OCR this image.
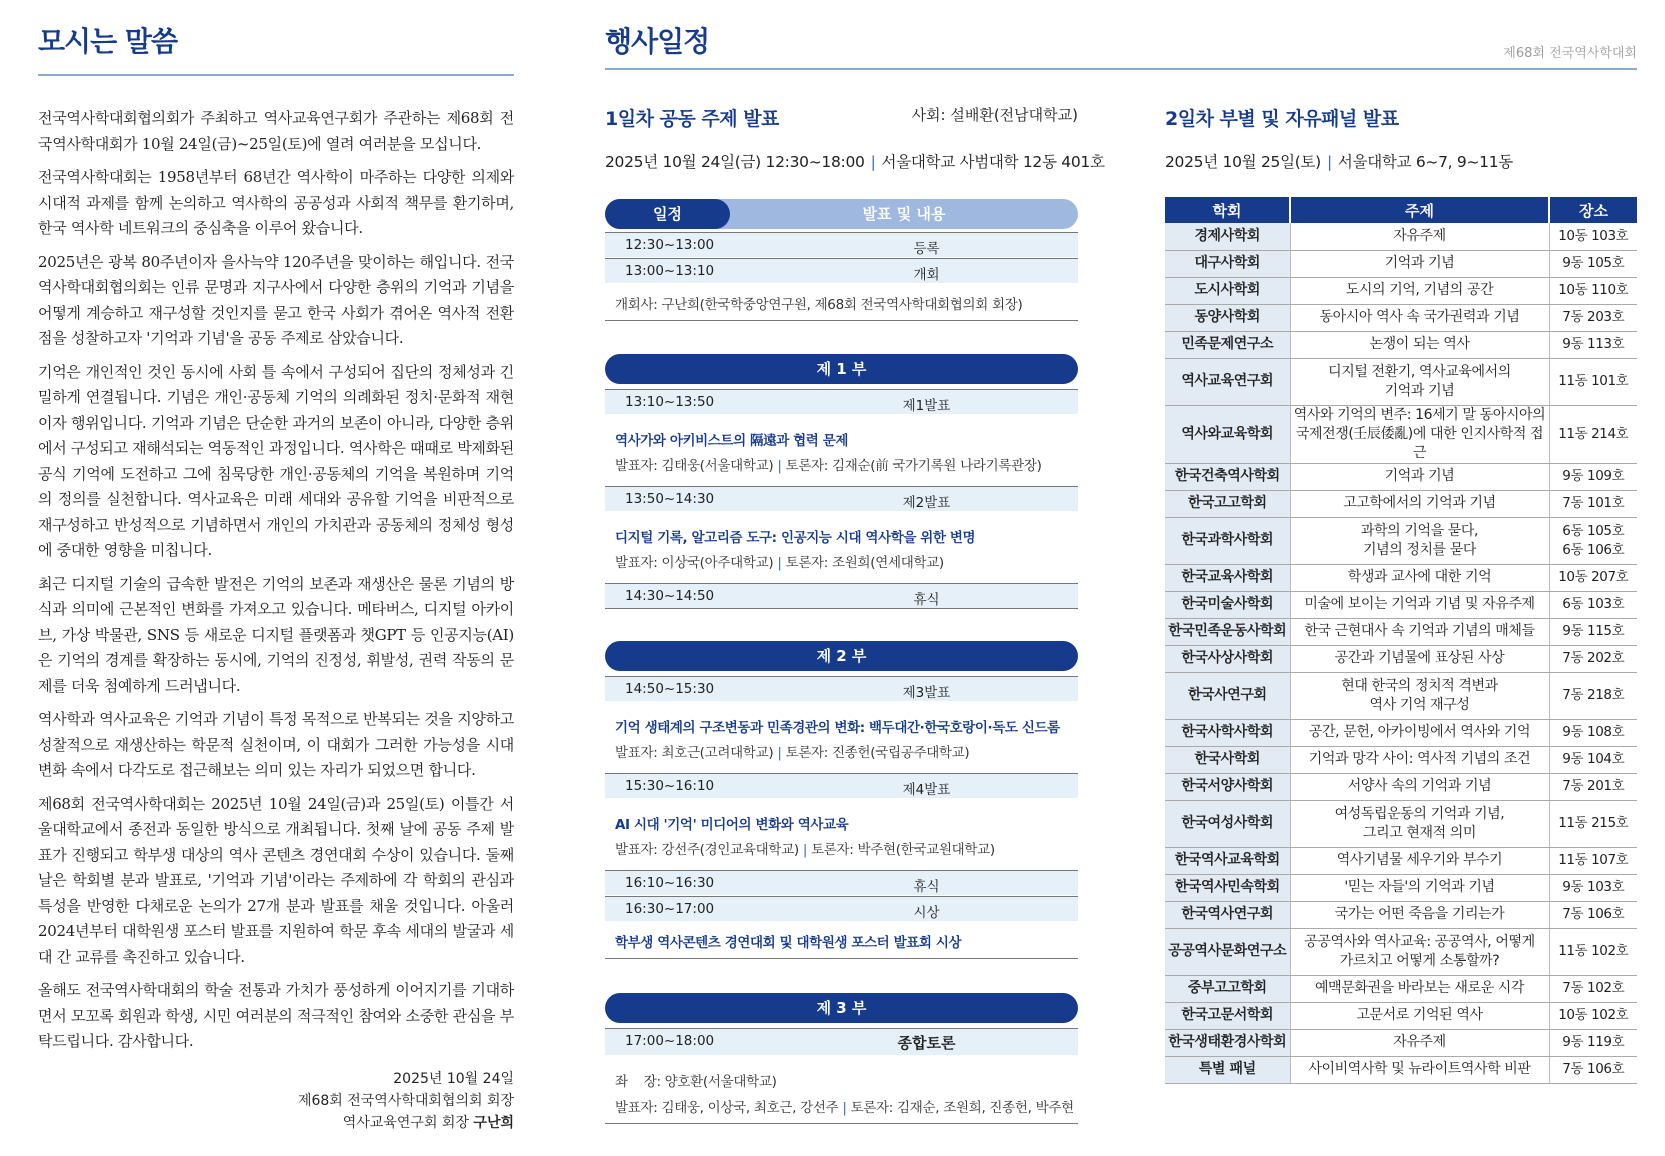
모시는 말씀

전국역사학대회협의회가 주최하고 역사교육연구회가 주관하는 제68회 전국역사학대회가 10월 24일(금)~25일(토)에 열려 여러분을 모십니다.

전국역사학대회는 1958년부터 68년간 역사학이 마주하는 다양한 의제와 시대적 과제를 함께 논의하고 역사학의 공공성과 사회적 책무를 환기하며, 한국 역사학 네트워크의 중심축을 이루어 왔습니다.

2025년은 광복 80주년이자 을사늑약 120주년을 맞이하는 해입니다. 전국역사학대회협의회는 인류 문명과 지구사에서 다양한 층위의 기억과 기념을 어떻게 계승하고 재구성할 것인지를 묻고 한국 사회가 겪어온 역사적 전환점을 성찰하고자 '기억과 기념'을 공동 주제로 삼았습니다.

기억은 개인적인 것인 동시에 사회 틀 속에서 구성되어 집단의 정체성과 긴밀하게 연결됩니다. 기념은 개인·공동체 기억의 의례화된 정치·문화적 재현이자 행위입니다. 기억과 기념은 단순한 과거의 보존이 아니라, 다양한 층위에서 구성되고 재해석되는 역동적인 과정입니다. 역사학은 때때로 박제화된 공식 기억에 도전하고 그에 침묵당한 개인·공동체의 기억을 복원하며 기억의 정의를 실천합니다. 역사교육은 미래 세대와 공유할 기억을 비판적으로 재구성하고 반성적으로 기념하면서 개인의 가치관과 공동체의 정체성 형성에 중대한 영향을 미칩니다.

최근 디지털 기술의 급속한 발전은 기억의 보존과 재생산은 물론 기념의 방식과 의미에 근본적인 변화를 가져오고 있습니다. 메타버스, 디지털 아카이브, 가상 박물관, SNS 등 새로운 디지털 플랫폼과 챗GPT 등 인공지능(AI)은 기억의 경계를 확장하는 동시에, 기억의 진정성, 휘발성, 권력 작동의 문제를 더욱 첨예하게 드러냅니다.

역사학과 역사교육은 기억과 기념이 특정 목적으로 반복되는 것을 지양하고 성찰적으로 재생산하는 학문적 실천이며, 이 대회가 그러한 가능성을 시대 변화 속에서 다각도로 접근해보는 의미 있는 자리가 되었으면 합니다.

제68회 전국역사학대회는 2025년 10월 24일(금)과 25일(토) 이틀간 서울대학교에서 종전과 동일한 방식으로 개최됩니다. 첫째 날에 공동 주제 발표가 진행되고 학부생 대상의 역사 콘텐츠 경연대회 수상이 있습니다. 둘째 날은 학회별 분과 발표로, '기억과 기념'이라는 주제하에 각 학회의 관심과 특성을 반영한 다채로운 논의가 27개 분과 발표를 채울 것입니다. 아울러 2024년부터 대학원생 포스터 발표를 지원하여 학문 후속 세대의 발굴과 세대 간 교류를 촉진하고 있습니다.

올해도 전국역사학대회의 학술 전통과 가치가 풍성하게 이어지기를 기대하면서 모꼬록 회원과 학생, 시민 여러분의 적극적인 참여와 소중한 관심을 부탁드립니다. 감사합니다.

2025년 10월 24일
제68회 전국역사학대회협의회 회장
역사교육연구회 회장 구난희
행사일정	제68회 전국역사학대회
1일차 공동 주제 발표	사회: 설배환(전남대학교)
2025년 10월 24일(금) 12:30~18:00 | 서울대학교 사범대학 12동 401호
일정	발표 및 내용
12:30~13:00	등록
13:00~13:10	개회
개회사: 구난희(한국학중앙연구원, 제68회 전국역사학대회협의회 회장)
제 1 부
13:10~13:50	제1발표
역사가와 아키비스트의 隔遠과 협력 문제
발표자: 김태웅(서울대학교) | 토론자: 김재순(前 국가기록원 나라기록관장)
13:50~14:30	제2발표
디지털 기록, 알고리즘 도구: 인공지능 시대 역사학을 위한 변명
발표자: 이상국(아주대학교) | 토론자: 조원희(연세대학교)
14:30~14:50	휴식
제 2 부
14:50~15:30	제3발표
기억 생태계의 구조변동과 민족경관의 변화: 백두대간·한국호랑이·독도 신드롬
발표자: 최호근(고려대학교) | 토론자: 진종헌(국립공주대학교)
15:30~16:10	제4발표
AI 시대 '기억' 미디어의 변화와 역사교육
발표자: 강선주(경인교육대학교) | 토론자: 박주현(한국교원대학교)
16:10~16:30	휴식
16:30~17:00	시상
학부생 역사콘텐츠 경연대회 및 대학원생 포스터 발표회 시상
제 3 부
17:00~18:00	종합토론
좌    장: 양호환(서울대학교)
발표자: 김태웅, 이상국, 최호근, 강선주 | 토론자: 김재순, 조원희, 진종헌, 박주현
2일차 부별 및 자유패널 발표
2025년 10월 25일(토) | 서울대학교 6~7, 9~11동
학회	주제	장소
경제사학회	자유주제	10동 103호
대구사학회	기억과 기념	9동 105호
도시사학회	도시의 기억, 기념의 공간	10동 110호
동양사학회	동아시아 역사 속 국가권력과 기념	7동 203호
민족문제연구소	논쟁이 되는 역사	9동 113호
역사교육연구회	디지털 전환기, 역사교육에서의
기억과 기념	11동 101호
역사와교육학회	역사와 기억의 변주: 16세기 말 동아시아의
국제전쟁(壬辰倭亂)에 대한 인지사학적 접근	11동 214호
한국건축역사학회	기억과 기념	9동 109호
한국고고학회	고고학에서의 기억과 기념	7동 101호
한국과학사학회	과학의 기억을 묻다,
기념의 정치를 묻다	6동 105호
6동 106호
한국교육사학회	학생과 교사에 대한 기억	10동 207호
한국미술사학회	미술에 보이는 기억과 기념 및 자유주제	6동 103호
한국민족운동사학회	한국 근현대사 속 기억과 기념의 매체들	9동 115호
한국사상사학회	공간과 기념물에 표상된 사상	7동 202호
한국사연구회	현대 한국의 정치적 격변과
역사 기억 재구성	7동 218호
한국사학사학회	공간, 문헌, 아카이빙에서 역사와 기억	9동 108호
한국사학회	기억과 망각 사이: 역사적 기념의 조건	9동 104호
한국서양사학회	서양사 속의 기억과 기념	7동 201호
한국여성사학회	여성독립운동의 기억과 기념,
그리고 현재적 의미	11동 215호
한국역사교육학회	역사기념물 세우기와 부수기	11동 107호
한국역사민속학회	'믿는 자들'의 기억과 기념	9동 103호
한국역사연구회	국가는 어떤 죽음을 기리는가	7동 106호
공공역사문화연구소	공공역사와 역사교육: 공공역사, 어떻게
가르치고 어떻게 소통할까?	11동 102호
중부고고학회	예맥문화권을 바라보는 새로운 시각	7동 102호
한국고문서학회	고문서로 기억된 역사	10동 102호
한국생태환경사학회	자유주제	9동 119호
특별 패널	사이비역사학 및 뉴라이트역사학 비판	7동 106호
